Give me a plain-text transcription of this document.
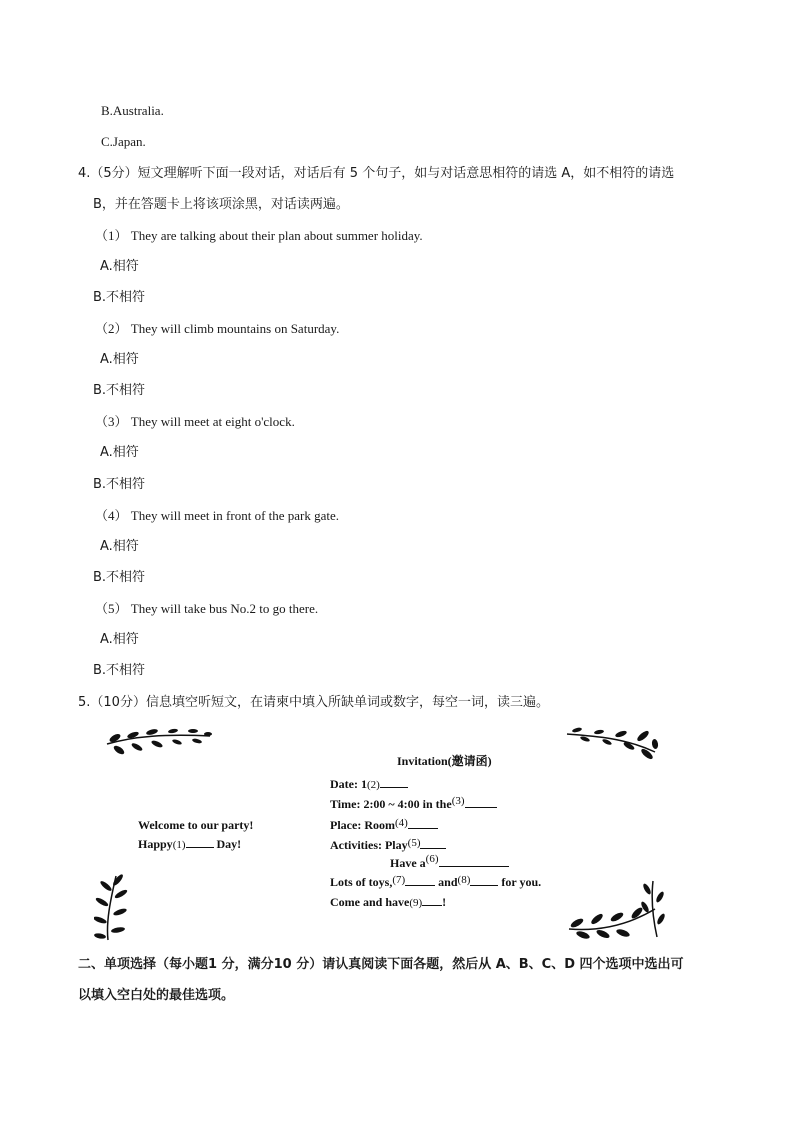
B.Australia.
C.Japan.
4.（5分）短文理解听下面一段对话，对话后有 5 个句子，如与对话意思相符的请选 A，如不相符的请选
B，并在答题卡上将该项涂黑，对话读两遍。
（1） They are talking about their plan about summer holiday.
A.相符
B.不相符
（2） They will climb mountains on Saturday.
A.相符
B.不相符
（3） They will meet at eight o'clock.
A.相符
B.不相符
（4） They will meet in front of the park gate.
A.相符
B.不相符
（5） They will take bus No.2 to go there.
A.相符
B.不相符
5.（10分）信息填空听短文，在请柬中填入所缺单词或数字，每空一词，读三遍。
Invitation(邀请函)
Date: 1(2)
Time: 2:00 ~ 4:00 in the(3)
Place: Room(4)
Activities: Play(5)
Have a(6)
Lots of toys,(7)	and(8)	for you.
Come and have(9) !
Welcome to our party!
Happy(1)	Day!
二、单项选择（每小题1 分，满分10 分）请认真阅读下面各题，然后从 A、B、C、D 四个选项中选出可
以填入空白处的最佳选项。
